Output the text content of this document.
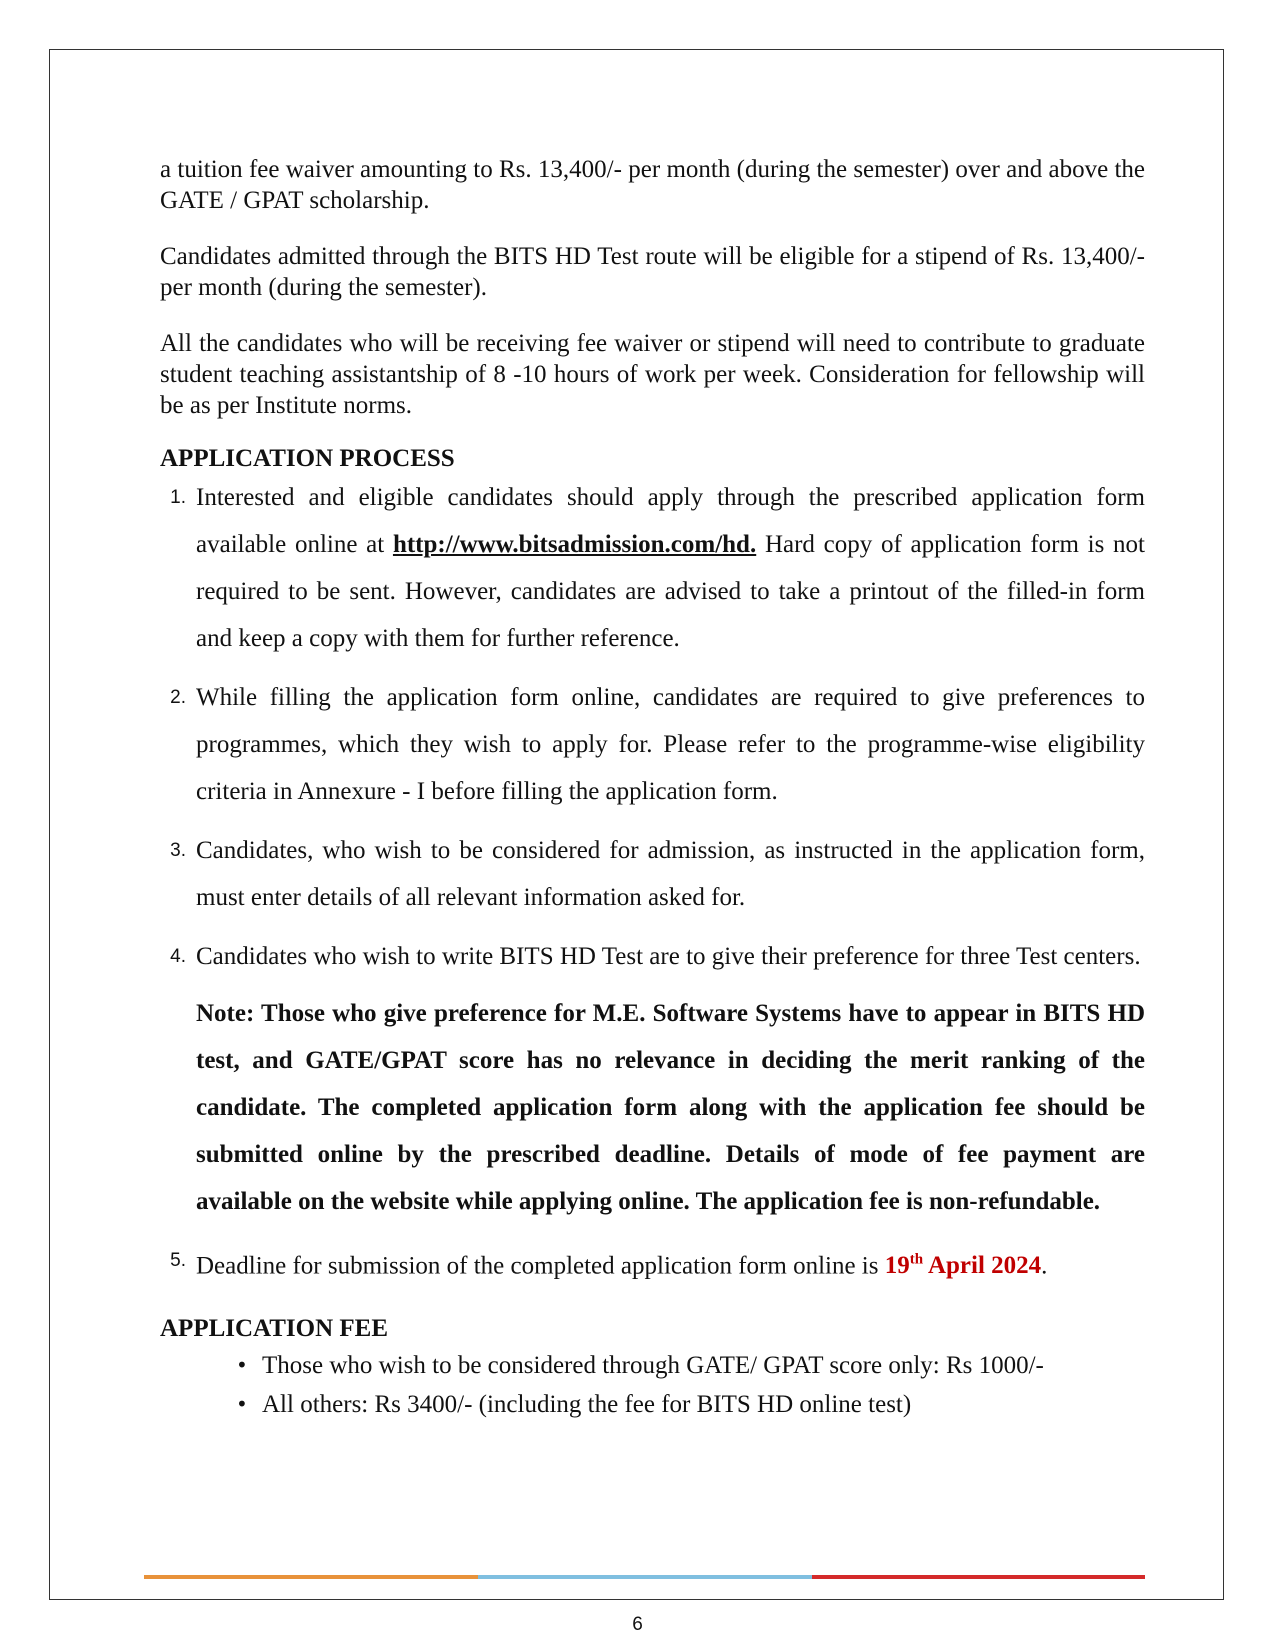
a tuition fee waiver amounting to Rs. 13,400/- per month (during the semester) over and above the GATE / GPAT scholarship.

Candidates admitted through the BITS HD Test route will be eligible for a stipend of Rs. 13,400/- per month (during the semester).

All the candidates who will be receiving fee waiver or stipend will need to contribute to graduate student teaching assistantship of 8 -10 hours of work per week. Consideration for fellowship will be as per Institute norms.

APPLICATION PROCESS

1. Interested and eligible candidates should apply through the prescribed application form available online at http://www.bitsadmission.com/hd. Hard copy of application form is not required to be sent. However, candidates are advised to take a printout of the filled-in form and keep a copy with them for further reference.
2. While filling the application form online, candidates are required to give preferences to programmes, which they wish to apply for. Please refer to the programme-wise eligibility criteria in Annexure - I before filling the application form.
3. Candidates, who wish to be considered for admission, as instructed in the application form, must enter details of all relevant information asked for.
4. Candidates who wish to write BITS HD Test are to give their preference for three Test centers.
Note: Those who give preference for M.E. Software Systems have to appear in BITS HD test, and GATE/GPAT score has no relevance in deciding the merit ranking of the candidate. The completed application form along with the application fee should be submitted online by the prescribed deadline. Details of mode of fee payment are available on the website while applying online. The application fee is non-refundable.
5. Deadline for submission of the completed application form online is 19th April 2024.

APPLICATION FEE

• Those who wish to be considered through GATE/ GPAT score only: Rs 1000/-
• All others: Rs 3400/- (including the fee for BITS HD online test)
6
